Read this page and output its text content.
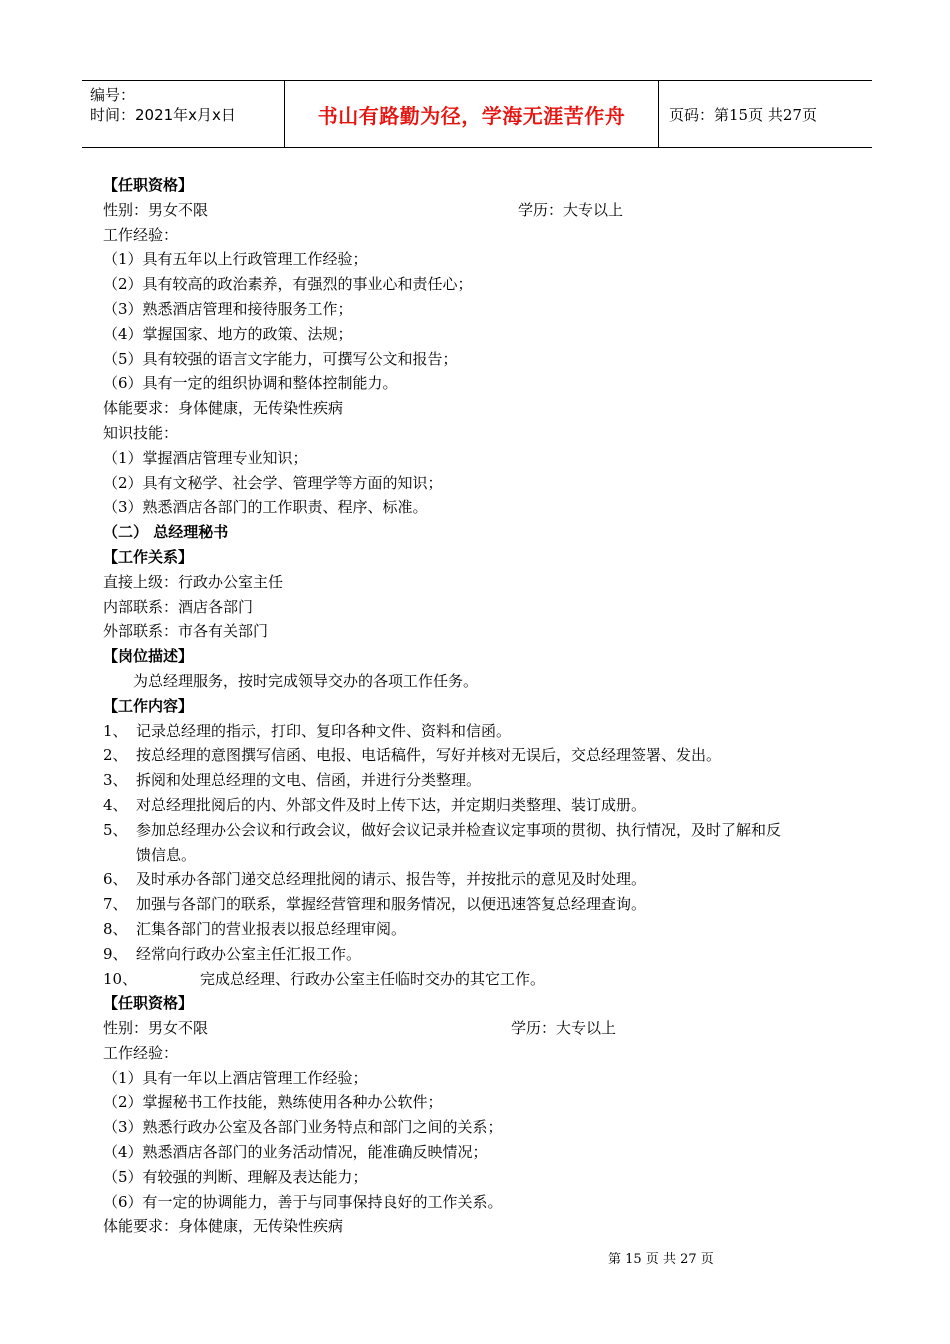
编号：
时间：2021年x月x日	书山有路勤为径，学海无涯苦作舟	页码：第15页 共27页
【任职资格】
性别：男女不限	学历：大专以上
工作经验：
（1）具有五年以上行政管理工作经验；
（2）具有较高的政治素养，有强烈的事业心和责任心；
（3）熟悉酒店管理和接待服务工作；
（4）掌握国家、地方的政策、法规；
（5）具有较强的语言文字能力，可撰写公文和报告；
（6）具有一定的组织协调和整体控制能力。
体能要求：身体健康，无传染性疾病
知识技能：
（1）掌握酒店管理专业知识；
（2）具有文秘学、社会学、管理学等方面的知识；
（3）熟悉酒店各部门的工作职责、程序、标准。
（二） 总经理秘书
【工作关系】
直接上级：行政办公室主任
内部联系：酒店各部门
外部联系：市各有关部门
【岗位描述】
为总经理服务，按时完成领导交办的各项工作任务。
【工作内容】
1、 记录总经理的指示，打印、复印各种文件、资料和信函。
2、 按总经理的意图撰写信函、电报、电话稿件，写好并核对无误后，交总经理签署、发出。
3、 拆阅和处理总经理的文电、信函，并进行分类整理。
4、 对总经理批阅后的内、外部文件及时上传下达，并定期归类整理、装订成册。
5、 参加总经理办公会议和行政会议，做好会议记录并检查议定事项的贯彻、执行情况，及时了解和反
馈信息。
6、 及时承办各部门递交总经理批阅的请示、报告等，并按批示的意见及时处理。
7、 加强与各部门的联系，掌握经营管理和服务情况，以便迅速答复总经理查询。
8、 汇集各部门的营业报表以报总经理审阅。
9、 经常向行政办公室主任汇报工作。
10、	完成总经理、行政办公室主任临时交办的其它工作。
【任职资格】
性别：男女不限	学历：大专以上
工作经验：
（1）具有一年以上酒店管理工作经验；
（2）掌握秘书工作技能，熟练使用各种办公软件；
（3）熟悉行政办公室及各部门业务特点和部门之间的关系；
（4）熟悉酒店各部门的业务活动情况，能准确反映情况；
（5）有较强的判断、理解及表达能力；
（6）有一定的协调能力，善于与同事保持良好的工作关系。
体能要求：身体健康，无传染性疾病
第 15 页 共 27 页
